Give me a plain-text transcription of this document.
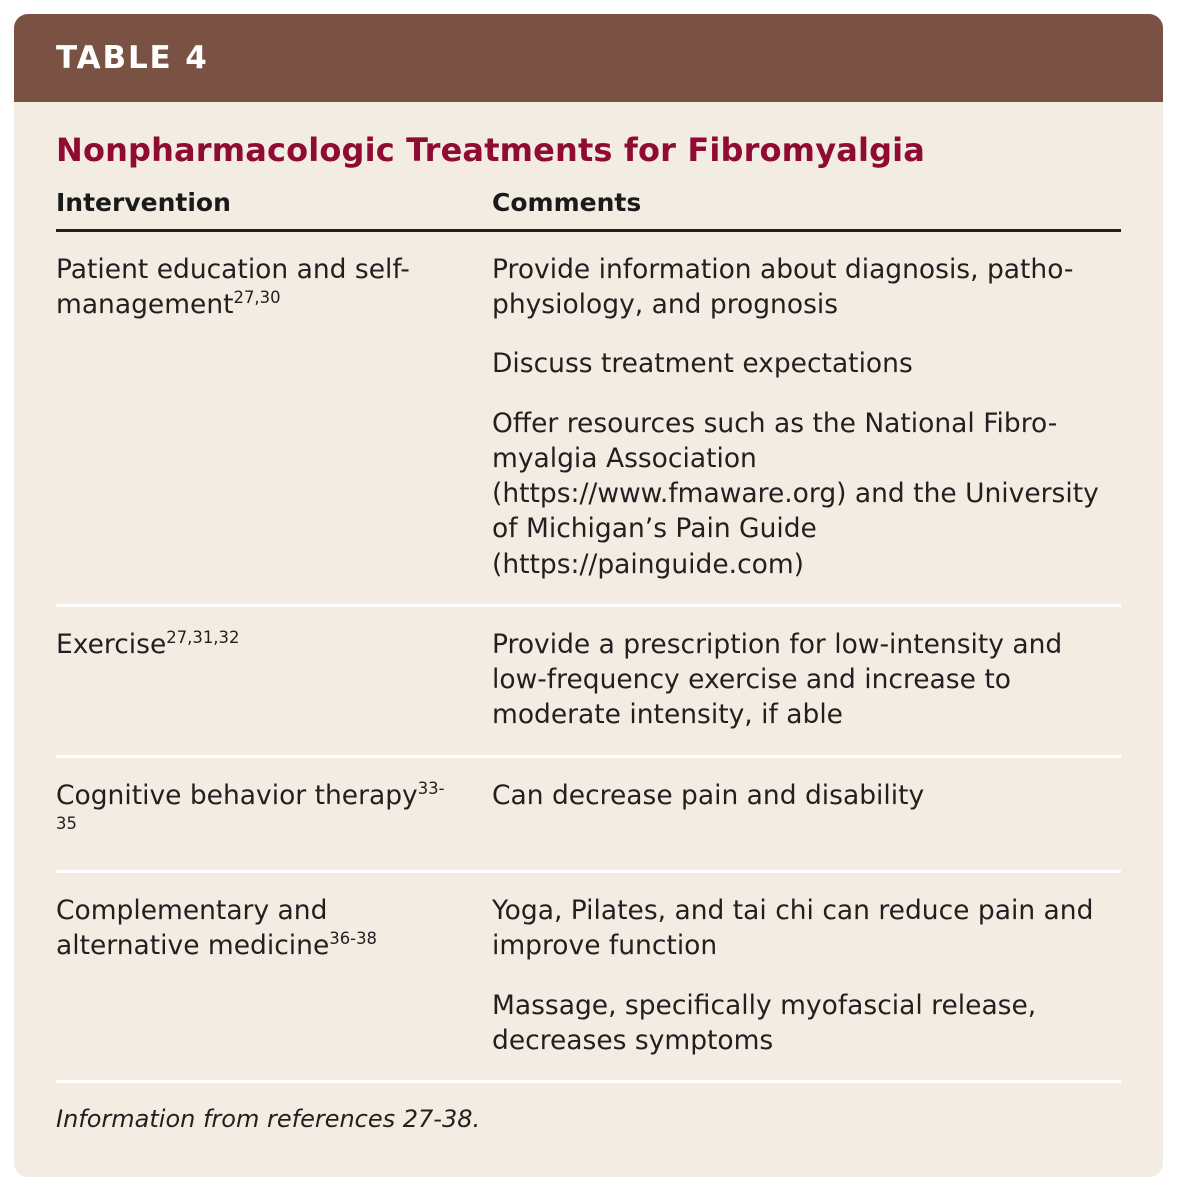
TABLE 4
Nonpharmacologic Treatments for Fibromyalgia
Intervention	Comments
Patient education and self-management$^{27,30}$	Provide information about diagnosis, patho-physiology, and prognosis
Discuss treatment expectations
Offer resources such as the National Fibro-myalgia Association (https://www.fmaware.org) and the University of Michigan’s Pain Guide (https://painguide.com)

Exercise$^{27,31,32}$	Provide a prescription for low-intensity and low-frequency exercise and increase to moderate intensity, if able

Cognitive behavior therapy$^{33-35}$	Can decrease pain and disability

Complementary and alternative medicine$^{36-38}$	Yoga, Pilates, and tai chi can reduce pain and improve function
Massage, specifically myofascial release, decreases symptoms
Information from references 27-38.
